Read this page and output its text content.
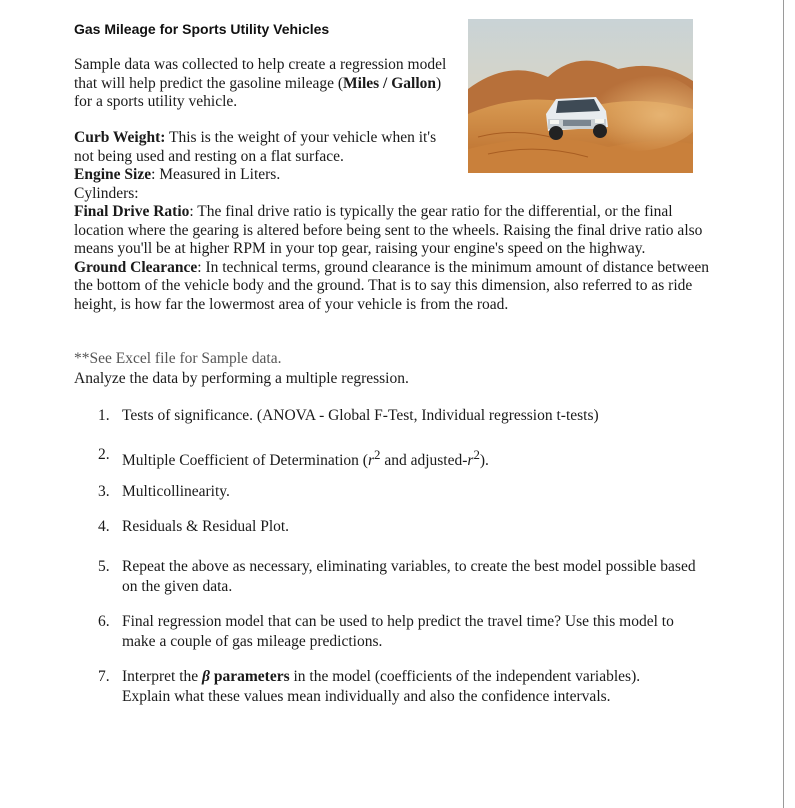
Gas Mileage for Sports Utility Vehicles
Sample data was collected to help create a regression model that will help predict the gasoline mileage (Miles / Gallon) for a sports utility vehicle.

Curb Weight: This is the weight of your vehicle when it's not being used and resting on a flat surface.

Engine Size: Measured in Liters.

Cylinders:

Final Drive Ratio: The final drive ratio is typically the gear ratio for the differential, or the final location where the gearing is altered before being sent to the wheels. Raising the final drive ratio also means you'll be at higher RPM in your top gear, raising your engine's speed on the highway.

Ground Clearance: In technical terms, ground clearance is the minimum amount of distance between the bottom of the vehicle body and the ground. That is to say this dimension, also referred to as ride height, is how far the lowermost area of your vehicle is from the road.

**See Excel file for Sample data.
Analyze the data by performing a multiple regression.
1. Tests of significance. (ANOVA - Global F-Test, Individual regression t-tests)
2. Multiple Coefficient of Determination ($r^2$ and adjusted-$r^2$).
3. Multicollinearity.
4. Residuals & Residual Plot.
5. Repeat the above as necessary, eliminating variables, to create the best model possible based on the given data.
6. Final regression model that can be used to help predict the travel time? Use this model to make a couple of gas mileage predictions.
7. Interpret the β parameters in the model (coefficients of the independent variables).
Explain what these values mean individually and also the confidence intervals.
